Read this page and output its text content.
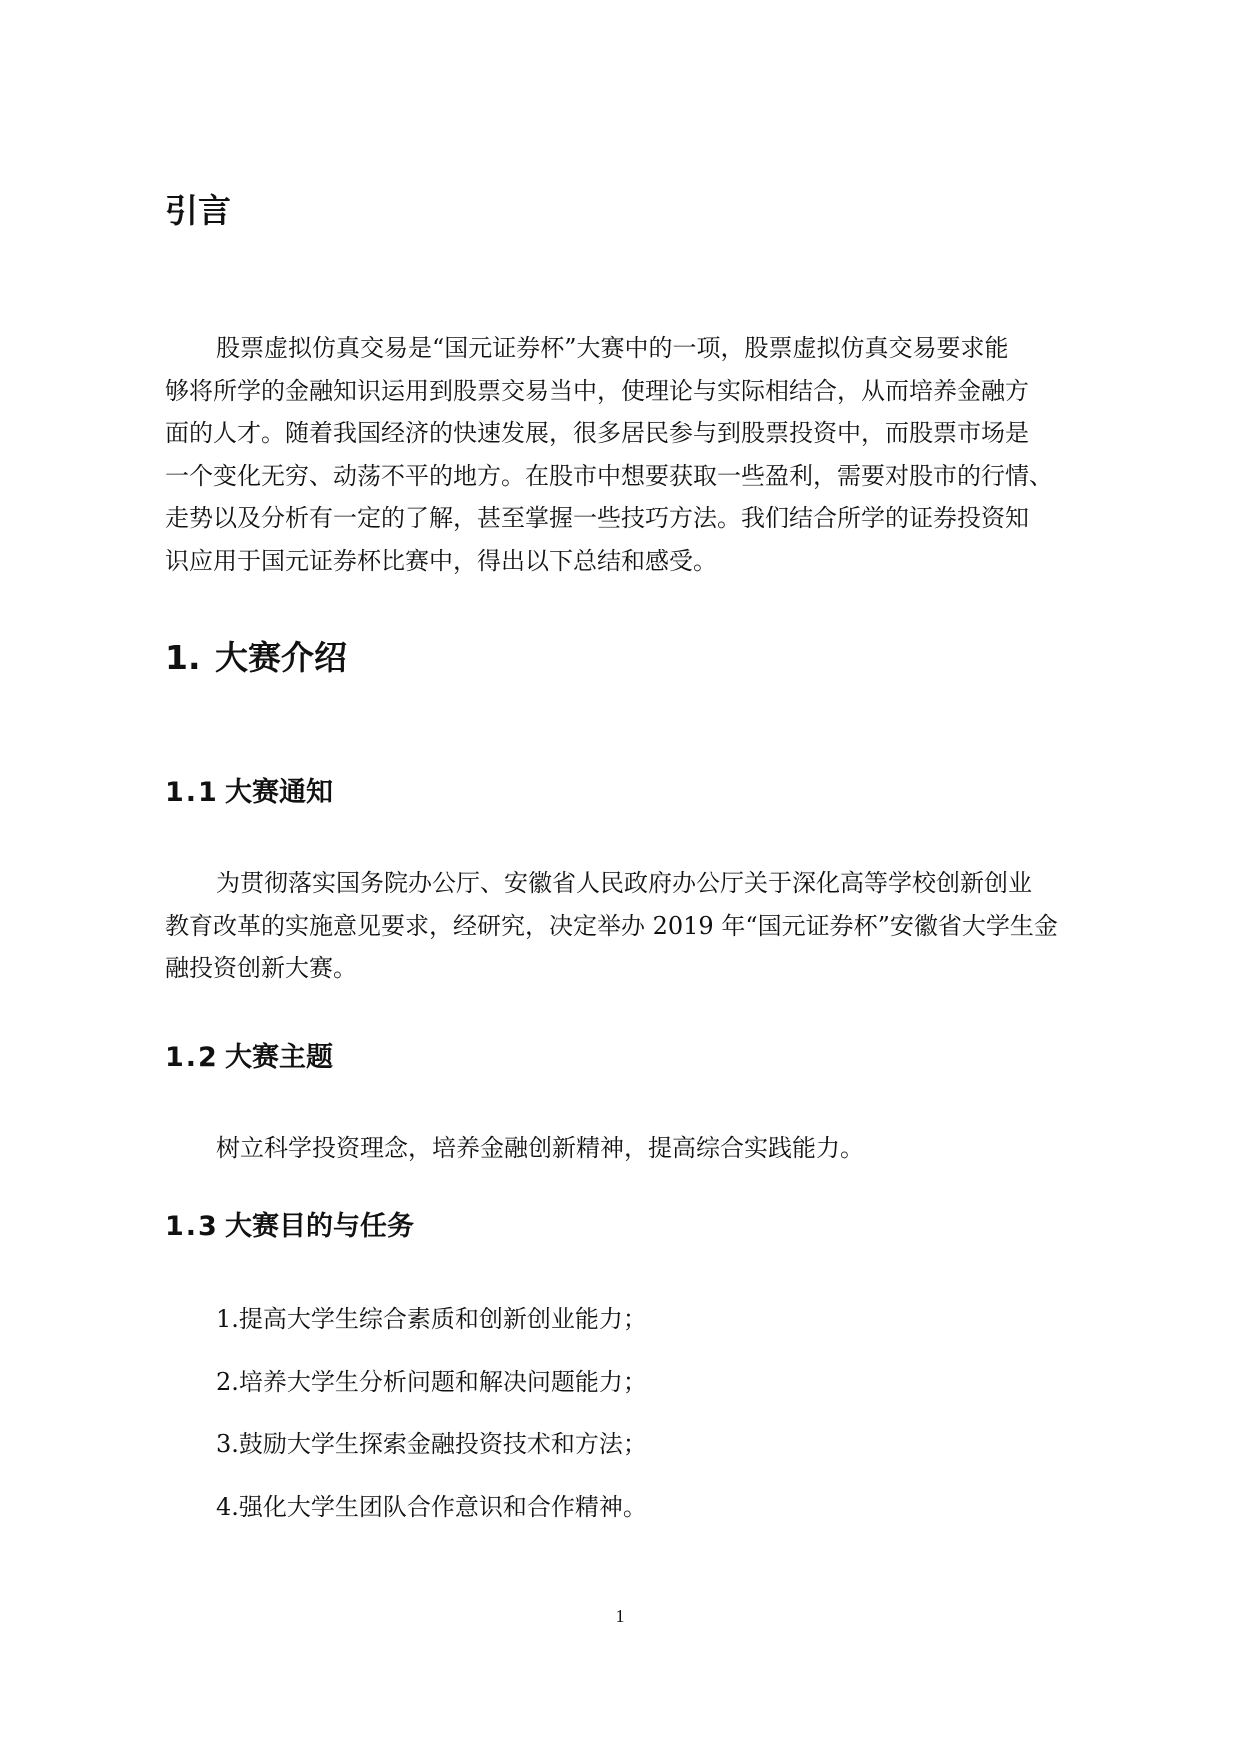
引言
股票虚拟仿真交易是“国元证券杯”大赛中的一项，股票虚拟仿真交易要求能
够将所学的金融知识运用到股票交易当中，使理论与实际相结合，从而培养金融方
面的人才。随着我国经济的快速发展，很多居民参与到股票投资中，而股票市场是
一个变化无穷、动荡不平的地方。在股市中想要获取一些盈利，需要对股市的行情、
走势以及分析有一定的了解，甚至掌握一些技巧方法。我们结合所学的证券投资知
识应用于国元证券杯比赛中，得出以下总结和感受。
1. 大赛介绍
1.1 大赛通知
为贯彻落实国务院办公厅、安徽省人民政府办公厅关于深化高等学校创新创业
教育改革的实施意见要求，经研究，决定举办 2019 年“国元证券杯”安徽省大学生金
融投资创新大赛。
1.2 大赛主题
树立科学投资理念，培养金融创新精神，提高综合实践能力。
1.3 大赛目的与任务

1.提高大学生综合素质和创新创业能力；

2.培养大学生分析问题和解决问题能力；

3.鼓励大学生探索金融投资技术和方法；

4.强化大学生团队合作意识和合作精神。

1
